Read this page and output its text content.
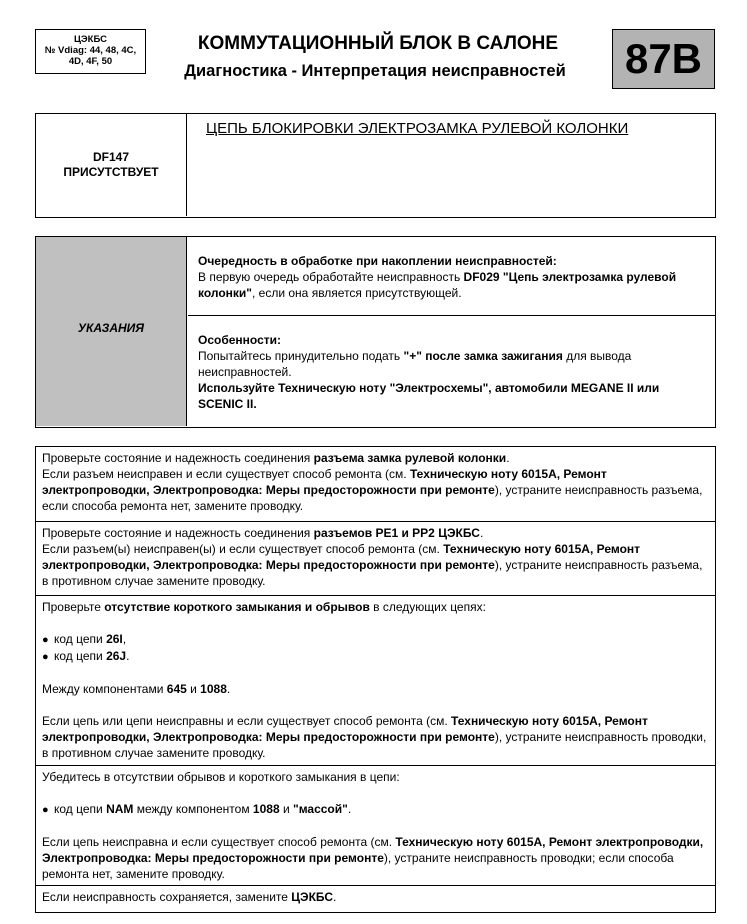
ЦЭКБС
№ Vdiag: 44, 48, 4C,
4D, 4F, 50
КОММУТАЦИОННЫЙ БЛОК В САЛОНЕ
Диагностика - Интерпретация неисправностей	87B
DF147
ПРИСУТСТВУЕТ
ЦЕПЬ БЛОКИРОВКИ ЭЛЕКТРОЗАМКА РУЛЕВОЙ КОЛОНКИ
УКАЗАНИЯ
Очередность в обработке при накоплении неисправностей:
В первую очередь обработайте неисправность DF029 "Цепь электрозамка рулевой колонки", если она является присутствующей.
Особенности:
Попытайтесь принудительно подать "+" после замка зажигания для вывода неисправностей.
Используйте Техническую ноту "Электросхемы", автомобили MEGANE II или SCENIC II.

Проверьте состояние и надежность соединения разъема замка рулевой колонки.

Если разъем неисправен и если существует способ ремонта (см. Техническую ноту 6015A, Ремонт электропроводки, Электропроводка: Меры предосторожности при ремонте), устраните неисправность разъема, если способа ремонта нет, замените проводку.

Проверьте состояние и надежность соединения разъемов PE1 и PP2 ЦЭКБС.

Если разъем(ы) неисправен(ы) и если существует способ ремонта (см. Техническую ноту 6015A, Ремонт электропроводки, Электропроводка: Меры предосторожности при ремонте), устраните неисправность разъема, в противном случае замените проводку.

Проверьте отсутствие короткого замыкания и обрывов в следующих цепях:

● код цепи 26I,

● код цепи 26J.

Между компонентами 645 и 1088.

Если цепь или цепи неисправны и если существует способ ремонта (см. Техническую ноту 6015A, Ремонт электропроводки, Электропроводка: Меры предосторожности при ремонте), устраните неисправность проводки, в противном случае замените проводку.

Убедитесь в отсутствии обрывов и короткого замыкания в цепи:

● код цепи NAM между компонентом 1088 и "массой".

Если цепь неисправна и если существует способ ремонта (см. Техническую ноту 6015A, Ремонт электропроводки, Электропроводка: Меры предосторожности при ремонте), устраните неисправность проводки; если способа ремонта нет, замените проводку.

Если неисправность сохраняется, замените ЦЭКБС.
